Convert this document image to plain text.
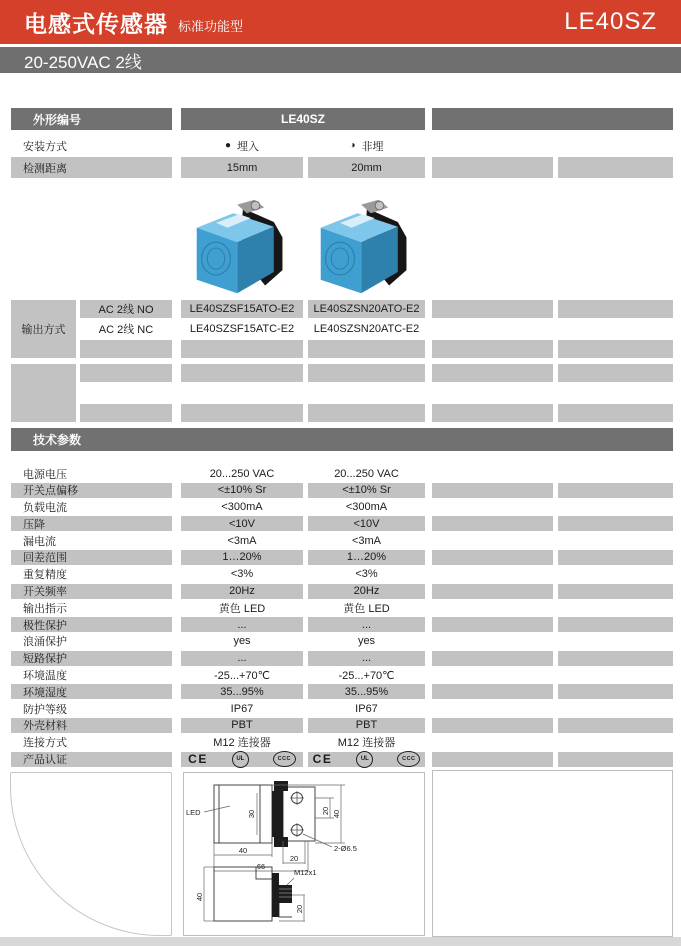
电感式传感器 标准功能型	LE40SZ
20-250VAC 2线
外形编号	LE40SZ
安装方式	● 埋入	◑ 非埋
检测距离	15mm	20mm
输出方式
AC 2线 NO	LE40SZSF15ATO-E2	LE40SZSN20ATO-E2
AC 2线 NC	LE40SZSF15ATC-E2	LE40SZSN20ATC-E2
技术参数
电源电压	20...250 VAC	20...250 VAC
开关点偏移	<±10% Sr	<±10% Sr
负载电流	<300mA	<300mA
压降	<10V	<10V
漏电流	<3mA	<3mA
回差范围	1…20%	1…20%
重复精度	<3%	<3%
开关频率	20Hz	20Hz
输出指示	黄色 LED	黄色 LED
极性保护	...	...
浪涌保护	yes	yes
短路保护	...	...
环境温度	-25...+70℃	-25...+70℃
环境湿度	35...95%	35...95%
防护等级	IP67	IP67
外壳材料	PBT	PBT
连接方式	M12 连接器	M12 连接器
产品认证	CE	UL	CCC	CE	UL	CCC
40
20
66
20 40
30
LED
2-Ø6.5
M12x1
40
20
